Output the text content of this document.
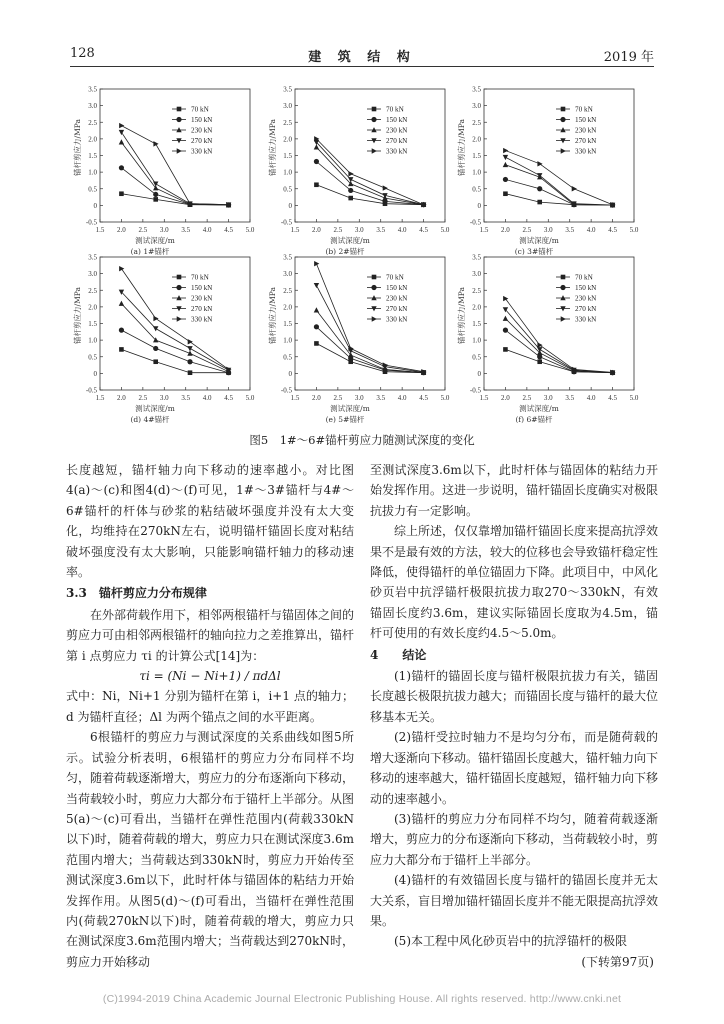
128	建 筑 结 构	2019 年
1.5 2.0 2.5 3.0 3.5 4.0 4.5 5.0
-0.5
0
0.5
1.0
1.5
2.0
2.5
3.0
3.5
测试深度/m
锚杆剪应力/MPa
(a) 1#锚杆
70 kN
150 kN
230 kN
270 kN
330 kN
1.5 2.0 2.5 3.0 3.5 4.0 4.5 5.0
-0.5
0
0.5
1.0
1.5
2.0
2.5
3.0
3.5
测试深度/m
锚杆剪应力/MPa
(b) 2#锚杆
70 kN
150 kN
230 kN
270 kN
330 kN
1.5 2.0 2.5 3.0 3.5 4.0 4.5 5.0
-0.5
0
0.5
1.0
1.5
2.0
2.5
3.0
3.5
测试深度/m
锚杆剪应力/MPa
(c) 3#锚杆
70 kN
150 kN
230 kN
270 kN
330 kN
1.5 2.0 2.5 3.0 3.5 4.0 4.5 5.0
-0.5
0
0.5
1.0
1.5
2.0
2.5
3.0
3.5
测试深度/m
锚杆剪应力/MPa
(d) 4#锚杆
70 kN
150 kN
230 kN
270 kN
330 kN
1.5 2.0 2.5 3.0 3.5 4.0 4.5 5.0
-0.5
0
0.5
1.0
1.5
2.0
2.5
3.0
3.5
测试深度/m
锚杆剪应力/MPa
(e) 5#锚杆
70 kN
150 kN
230 kN
270 kN
330 kN
1.5 2.0 2.5 3.0 3.5 4.0 4.5 5.0
-0.5
0
0.5
1.0
1.5
2.0
2.5
3.0
3.5
测试深度/m
锚杆剪应力/MPa
(f) 6#锚杆
70 kN
150 kN
230 kN
270 kN
330 kN
图5　1#～6#锚杆剪应力随测试深度的变化

长度越短，锚杆轴力向下移动的速率越小。对比图4(a)～(c)和图4(d)～(f)可见，1#～3#锚杆与4#～6#锚杆的杆体与砂浆的粘结破坏强度并没有太大变化，均维持在270kN左右，说明锚杆锚固长度对粘结破坏强度没有太大影响，只能影响锚杆轴力的移动速率。

3.3　锚杆剪应力分布规律

在外部荷载作用下，相邻两根锚杆与锚固体之间的剪应力可由相邻两根锚杆的轴向拉力之差推算出，锚杆第 i 点剪应力 τi 的计算公式[14]为：

τi = (Ni − Ni+1) / πdΔl

式中：Ni，Ni+1 分别为锚杆在第 i，i+1 点的轴力；d 为锚杆直径；Δl 为两个锚点之间的水平距离。

6根锚杆的剪应力与测试深度的关系曲线如图5所示。试验分析表明，6根锚杆的剪应力分布同样不均匀，随着荷载逐渐增大，剪应力的分布逐渐向下移动，当荷载较小时，剪应力大都分布于锚杆上半部分。从图5(a)～(c)可看出，当锚杆在弹性范围内(荷载330kN以下)时，随着荷载的增大，剪应力只在测试深度3.6m范围内增大；当荷载达到330kN时，剪应力开始传至测试深度3.6m以下，此时杆体与锚固体的粘结力开始发挥作用。从图5(d)～(f)可看出，当锚杆在弹性范围内(荷载270kN以下)时，随着荷载的增大，剪应力只在测试深度3.6m范围内增大；当荷载达到270kN时，剪应力开始移动

至测试深度3.6m以下，此时杆体与锚固体的粘结力开始发挥作用。这进一步说明，锚杆锚固长度确实对极限抗拔力有一定影响。

综上所述，仅仅靠增加锚杆锚固长度来提高抗浮效果不是最有效的方法，较大的位移也会导致锚杆稳定性降低，使得锚杆的单位锚固力下降。此项目中，中风化砂页岩中抗浮锚杆极限抗拔力取270～330kN，有效锚固长度约3.6m，建议实际锚固长度取为4.5m，锚杆可使用的有效长度约4.5～5.0m。

4　　结论

(1)锚杆的锚固长度与锚杆极限抗拔力有关，锚固长度越长极限抗拔力越大；而锚固长度与锚杆的最大位移基本无关。

(2)锚杆受拉时轴力不是均匀分布，而是随荷载的增大逐渐向下移动。锚杆锚固长度越大，锚杆轴力向下移动的速率越大，锚杆锚固长度越短，锚杆轴力向下移动的速率越小。

(3)锚杆的剪应力分布同样不均匀，随着荷载逐渐增大，剪应力的分布逐渐向下移动，当荷载较小时，剪应力大都分布于锚杆上半部分。

(4)锚杆的有效锚固长度与锚杆的锚固长度并无太大关系，盲目增加锚杆锚固长度并不能无限提高抗浮效果。

(5)本工程中风化砂页岩中的抗浮锚杆的极限

(下转第97页)

(C)1994-2019 China Academic Journal Electronic Publishing House. All rights reserved. http://www.cnki.net
